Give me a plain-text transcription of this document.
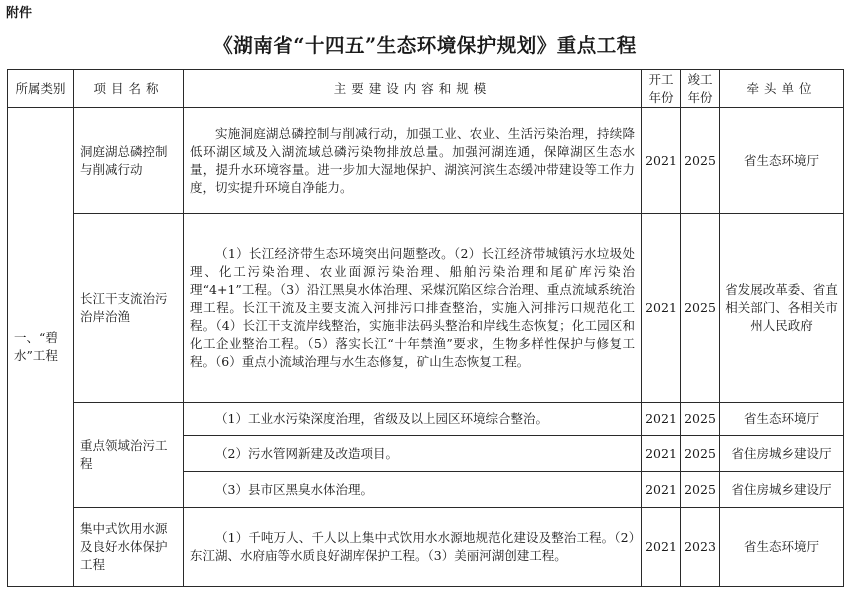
附件
《湖南省“十四五”生态环境保护规划》重点工程
所属类别	项目名称	主要建设内容和规模	开工年份	竣工年份	牵头单位
一、“碧水”工程	洞庭湖总磷控制与削减行动	实施洞庭湖总磷控制与削减行动，加强工业、农业、生活污染治理，持续降低环湖区域及入湖流域总磷污染物排放总量。加强河湖连通，保障湖区生态水量，提升水环境容量。进一步加大湿地保护、湖滨河滨生态缓冲带建设等工作力度，切实提升环境自净能力。	2021	2025	省生态环境厅
	长江干支流治污治岸治渔	（1）长江经济带生态环境突出问题整改。（2）长江经济带城镇污水垃圾处理、化工污染治理、农业面源污染治理、船舶污染治理和尾矿库污染治理“4+1”工程。（3）沿江黑臭水体治理、采煤沉陷区综合治理、重点流域系统治理工程。长江干流及主要支流入河排污口排查整治，实施入河排污口规范化工程。（4）长江干支流岸线整治，实施非法码头整治和岸线生态恢复；化工园区和化工企业整治工程。（5）落实长江“十年禁渔”要求，生物多样性保护与修复工程。（6）重点小流域治理与水生态修复，矿山生态恢复工程。	2021	2025	省发展改革委、省直相关部门、各相关市州人民政府
	重点领域治污工程	（1）工业水污染深度治理，省级及以上园区环境综合整治。	2021	2025	省生态环境厅

		（2）污水管网新建及改造项目。	2021	2025	省住房城乡建设厅

		（3）县市区黑臭水体治理。	2021	2025	省住房城乡建设厅
	集中式饮用水源及良好水体保护工程	（1）千吨万人、千人以上集中式饮用水水源地规范化建设及整治工程。（2）东江湖、水府庙等水质良好湖库保护工程。（3）美丽河湖创建工程。	2021	2023	省生态环境厅
